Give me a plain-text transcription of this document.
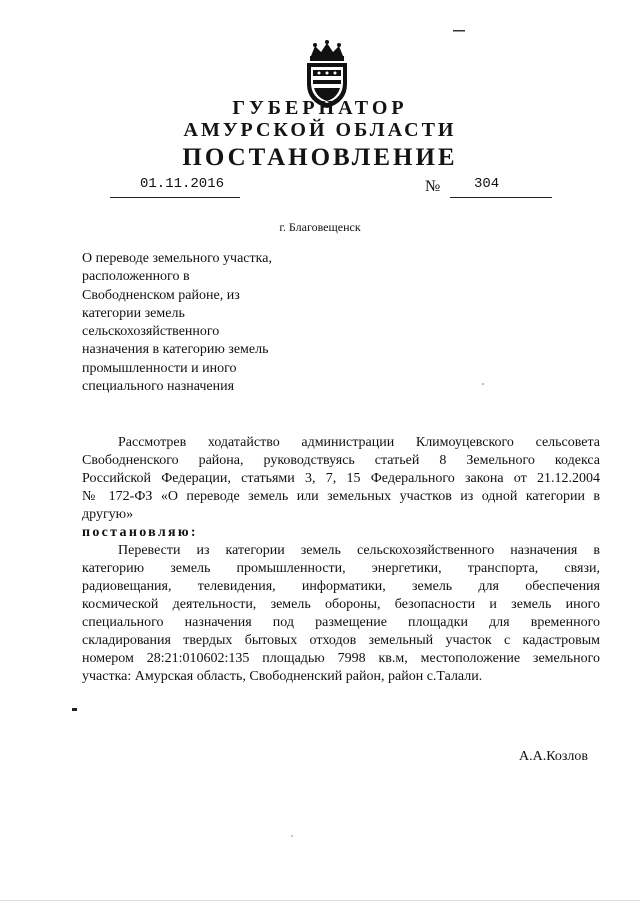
ГУБЕРНАТОР
АМУРСКОЙ ОБЛАСТИ
ПОСТАНОВЛЕНИЕ
01.11.2016	№ 304
г. Благовещенск
О переводе земельного участка,
расположенного в
Свободненском районе, из
категории земель
сельскохозяйственного
назначения в категорию земель
промышленности и иного
специального назначения
Рассмотрев ходатайство администрации Климоуцевского сельсовета
Свободненского района, руководствуясь статьей 8 Земельного кодекса
Российской Федерации, статьями 3, 7, 15 Федерального закона от 21.12.2004
№ 172-ФЗ «О переводе земель или земельных участков из одной категории в
другую»
постановляю:
Перевести из категории земель сельскохозяйственного назначения в
категорию земель промышленности, энергетики, транспорта, связи,
радиовещания, телевидения, информатики, земель для обеспечения
космической деятельности, земель обороны, безопасности и земель иного
специального назначения под размещение площадки для временного
складирования твердых бытовых отходов земельный участок с кадастровым
номером 28:21:010602:135 площадью 7998 кв.м, местоположение земельного
участка: Амурская область, Свободненский район, район с.Талали.
А.А.Козлов
